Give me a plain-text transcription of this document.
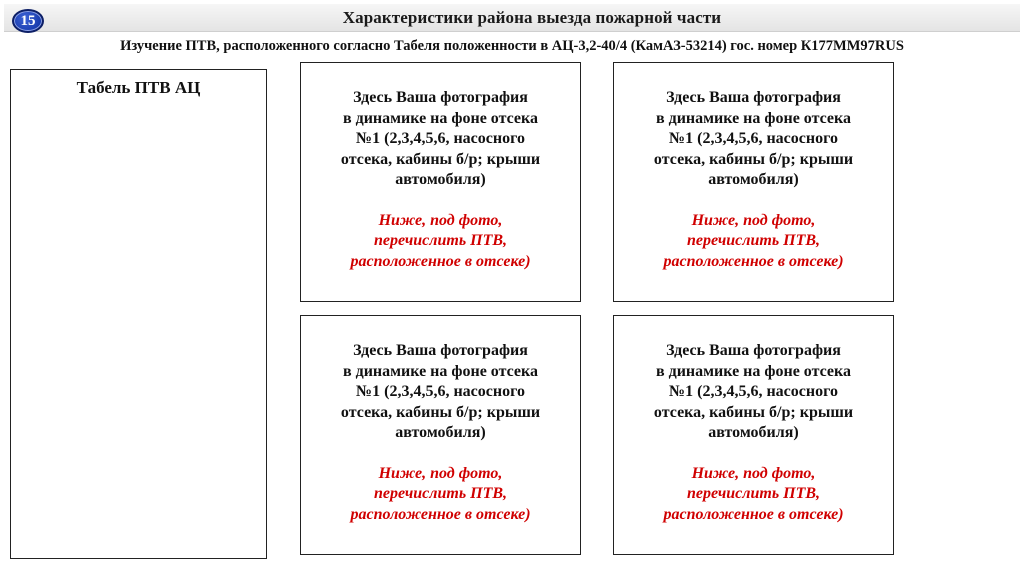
15	Характеристики района выезда пожарной части
Изучение ПТВ, расположенного согласно Табеля положенности в АЦ-3,2-40/4 (КамАЗ-53214) гос. номер К177ММ97RUS
Табель ПТВ АЦ
Здесь Ваша фотография
в динамике на фоне отсека
№1 (2,3,4,5,6, насосного
отсека, кабины б/р; крыши
автомобиля)
Ниже, под фото,
перечислить ПТВ,
расположенное в отсеке)
Здесь Ваша фотография
в динамике на фоне отсека
№1 (2,3,4,5,6, насосного
отсека, кабины б/р; крыши
автомобиля)
Ниже, под фото,
перечислить ПТВ,
расположенное в отсеке)
Здесь Ваша фотография
в динамике на фоне отсека
№1 (2,3,4,5,6, насосного
отсека, кабины б/р; крыши
автомобиля)
Ниже, под фото,
перечислить ПТВ,
расположенное в отсеке)
Здесь Ваша фотография
в динамике на фоне отсека
№1 (2,3,4,5,6, насосного
отсека, кабины б/р; крыши
автомобиля)
Ниже, под фото,
перечислить ПТВ,
расположенное в отсеке)
